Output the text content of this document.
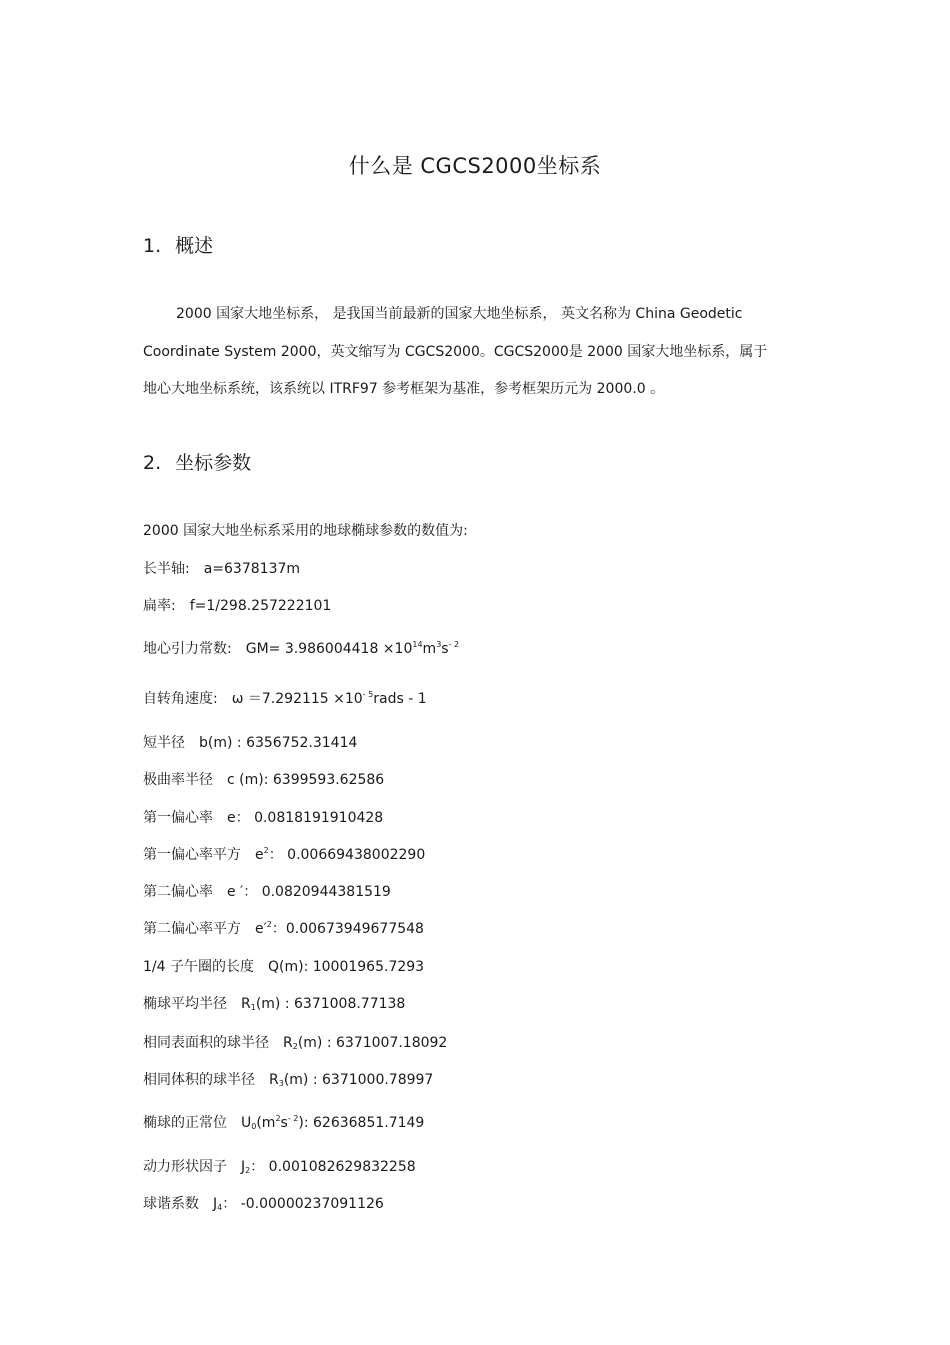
什么是 CGCS2000坐标系
1. 概述
2000 国家大地坐标系， 是我国当前最新的国家大地坐标系， 英文名称为 China Geodetic
Coordinate System 2000，英文缩写为 CGCS2000。CGCS2000是 2000 国家大地坐标系，属于
地心大地坐标系统，该系统以 ITRF97 参考框架为基准，参考框架历元为 2000.0 。
2. 坐标参数
2000 国家大地坐标系采用的地球椭球参数的数值为:
长半轴: a=6378137m
扁率: f=1/298.257222101
地心引力常数: $GM= 3.986004418 \times 10^{14}m^3s^{- 2}$
自转角速度: $\omega =7.292115 \times 10^{- 5}rads - 1$
短半径 b(m) : 6356752.31414
极曲率半径 c (m): 6399593.62586
第一偏心率 e： 0.0818191910428
第一偏心率平方 $e^2$： 0.00669438002290
第二偏心率 e ′： 0.0820944381519
第二偏心率平方 $e'^2$：0.00673949677548
1/4 子午圈的长度 Q(m): 10001965.7293
椭球平均半径 $R_1(m)$ : 6371008.77138
相同表面积的球半径 $R_2(m)$ : 6371007.18092
相同体积的球半径 $R_3(m)$ : 6371000.78997
椭球的正常位 $U_0(m^2s^{- 2})$: 62636851.7149
动力形状因子 $J_2$： 0.001082629832258
球谐系数 $J_4$： -0.00000237091126
